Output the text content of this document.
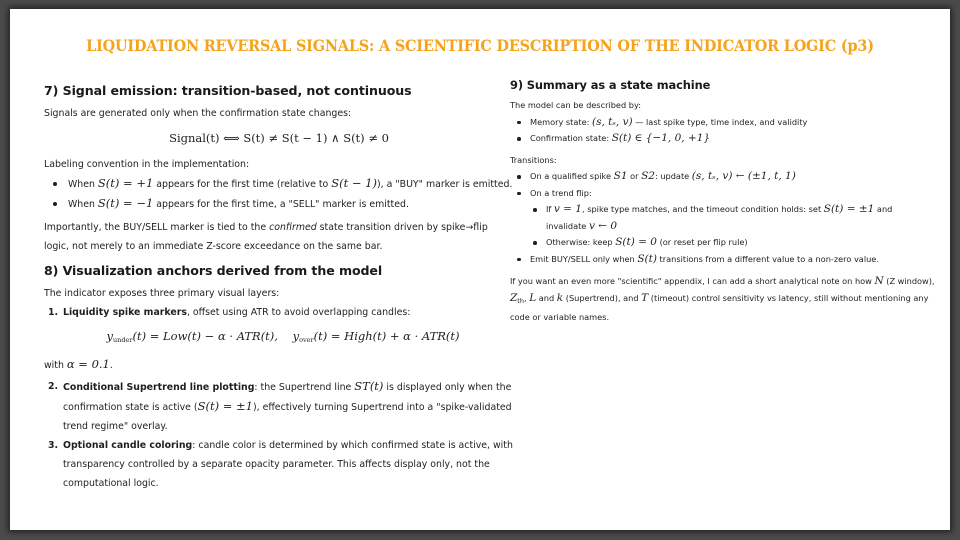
LIQUIDATION REVERSAL SIGNALS: A SCIENTIFIC DESCRIPTION OF THE INDICATOR LOGIC (p3)
7) Signal emission: transition-based, not continuous

Signals are generated only when the confirmation state changes:

Signal(t) ⟺ S(t) ≠ S(t − 1) ∧ S(t) ≠ 0

Labeling convention in the implementation:

When S(t) = +1 appears for the first time (relative to S(t − 1)), a "BUY" marker is emitted.
When S(t) = −1 appears for the first time, a "SELL" marker is emitted.

Importantly, the BUY/SELL marker is tied to the confirmed state transition driven by spike→flip logic, not merely to an immediate Z-score exceedance on the same bar.

8) Visualization anchors derived from the model

The indicator exposes three primary visual layers:

1. Liquidity spike markers, offset using ATR to avoid overlapping candles:

$y_{under}(t) = Low(t) - \alpha \cdot ATR(t)$, $y_{over}(t)$ = High(t) + α · ATR(t)

with α = 0.1.

2. Conditional Supertrend line plotting: the Supertrend line ST(t) is displayed only when the confirmation state is active (S(t) = ±1), effectively turning Supertrend into a "spike-validated trend regime" overlay.
3. Optional candle coloring: candle color is determined by which confirmed state is active, with transparency controlled by a separate opacity parameter. This affects display only, not the computational logic.
9) Summary as a state machine

The model can be described by:

Memory state: (s, tₛ, v) — last spike type, time index, and validity
Confirmation state: S(t) ∈ {−1, 0, +1}

Transitions:

On a qualified spike S1 or S2: update (s, tₛ, v) ← (±1, t, 1)
On a trend flip:
If v = 1, spike type matches, and the timeout condition holds: set S(t) = ±1 and invalidate v ← 0
Otherwise: keep S(t) = 0 (or reset per flip rule)
Emit BUY/SELL only when S(t) transitions from a different value to a non-zero value.

If you want an even more "scientific" appendix, I can add a short analytical note on how N (Z window), $Z_{th}$, L and k (Supertrend), and T (timeout) control sensitivity vs latency, still without mentioning any code or variable names.
